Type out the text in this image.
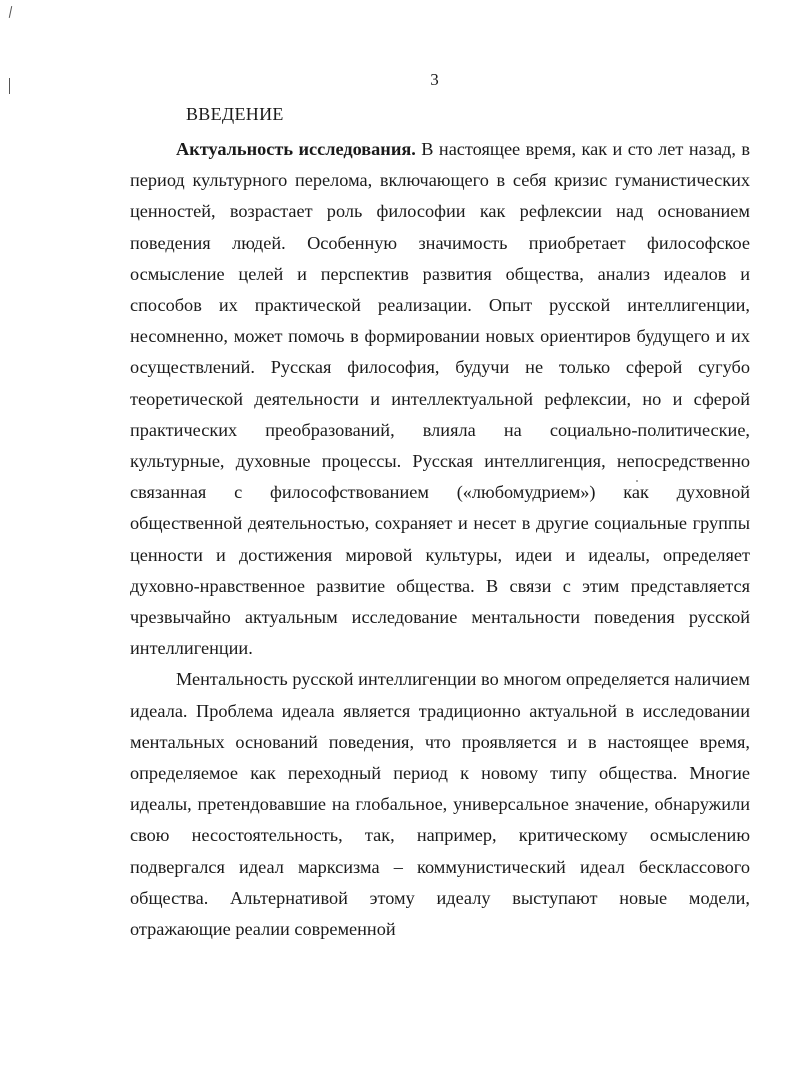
3
ВВЕДЕНИЕ

Актуальность исследования. В настоящее время, как и сто лет назад, в период культурного перелома, включающего в себя кризис гуманистических ценностей, возрастает роль философии как рефлексии над основанием поведения людей. Особенную значимость приобретает философское осмысление целей и перспектив развития общества, анализ идеалов и способов их практической реализации. Опыт русской интеллигенции, несомненно, может помочь в формировании новых ориентиров будущего и их осуществлений. Русская философия, будучи не только сферой сугубо теоретической деятельности и интеллектуальной рефлексии, но и сферой практических преобразований, влияла на социально-политические, культурные, духовные процессы. Русская интеллигенция, непосредственно связанная с философствованием («любомудрием») как духовной общественной деятельностью, сохраняет и несет в другие социальные группы ценности и достижения мировой культуры, идеи и идеалы, определяет духовно-нравственное развитие общества. В связи с этим представляется чрезвычайно актуальным исследование ментальности поведения русской интеллигенции.

Ментальность русской интеллигенции во многом определяется наличием идеала. Проблема идеала является традиционно актуальной в исследовании ментальных оснований поведения, что проявляется и в настоящее время, определяемое как переходный период к новому типу общества. Многие идеалы, претендовавшие на глобальное, универсальное значение, обнаружили свою несостоятельность, так, например, критическому осмыслению подвергался идеал марксизма – коммунистический идеал бесклассового общества. Альтернативой этому идеалу выступают новые модели, отражающие реалии современной
